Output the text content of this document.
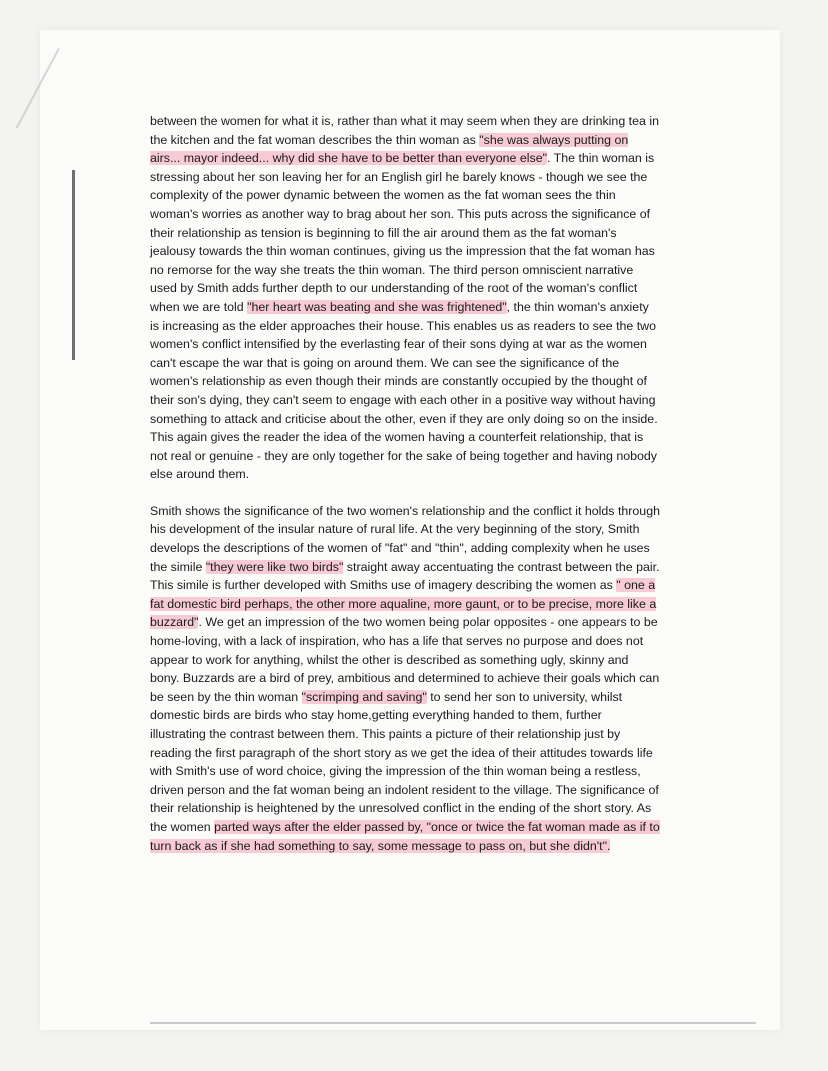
between the women for what it is, rather than what it may seem when they are drinking tea in the kitchen and the fat woman describes the thin woman as "she was always putting on airs... mayor indeed... why did she have to be better than everyone else". The thin woman is stressing about her son leaving her for an English girl he barely knows - though we see the complexity of the power dynamic between the women as the fat woman sees the thin woman's worries as another way to brag about her son. This puts across the significance of their relationship as tension is beginning to fill the air around them as the fat woman's jealousy towards the thin woman continues, giving us the impression that the fat woman has no remorse for the way she treats the thin woman. The third person omniscient narrative used by Smith adds further depth to our understanding of the root of the woman's conflict when we are told "her heart was beating and she was frightened", the thin woman's anxiety is increasing as the elder approaches their house. This enables us as readers to see the two women's conflict intensified by the everlasting fear of their sons dying at war as the women can't escape the war that is going on around them. We can see the significance of the women's relationship as even though their minds are constantly occupied by the thought of their son's dying, they can't seem to engage with each other in a positive way without having something to attack and criticise about the other, even if they are only doing so on the inside. This again gives the reader the idea of the women having a counterfeit relationship, that is not real or genuine - they are only together for the sake of being together and having nobody else around them.

Smith shows the significance of the two women's relationship and the conflict it holds through his development of the insular nature of rural life. At the very beginning of the story, Smith develops the descriptions of the women of "fat" and "thin", adding complexity when he uses the simile "they were like two birds" straight away accentuating the contrast between the pair. This simile is further developed with Smiths use of imagery describing the women as " one a fat domestic bird perhaps, the other more aqualine, more gaunt, or to be precise, more like a buzzard". We get an impression of the two women being polar opposites - one appears to be home-loving, with a lack of inspiration, who has a life that serves no purpose and does not appear to work for anything, whilst the other is described as something ugly, skinny and bony. Buzzards are a bird of prey, ambitious and determined to achieve their goals which can be seen by the thin woman "scrimping and saving" to send her son to university, whilst domestic birds are birds who stay home,getting everything handed to them, further illustrating the contrast between them. This paints a picture of their relationship just by reading the first paragraph of the short story as we get the idea of their attitudes towards life with Smith's use of word choice, giving the impression of the thin woman being a restless, driven person and the fat woman being an indolent resident to the village. The significance of their relationship is heightened by the unresolved conflict in the ending of the short story. As the women parted ways after the elder passed by, "once or twice the fat woman made as if to turn back as if she had something to say, some message to pass on, but she didn't".
